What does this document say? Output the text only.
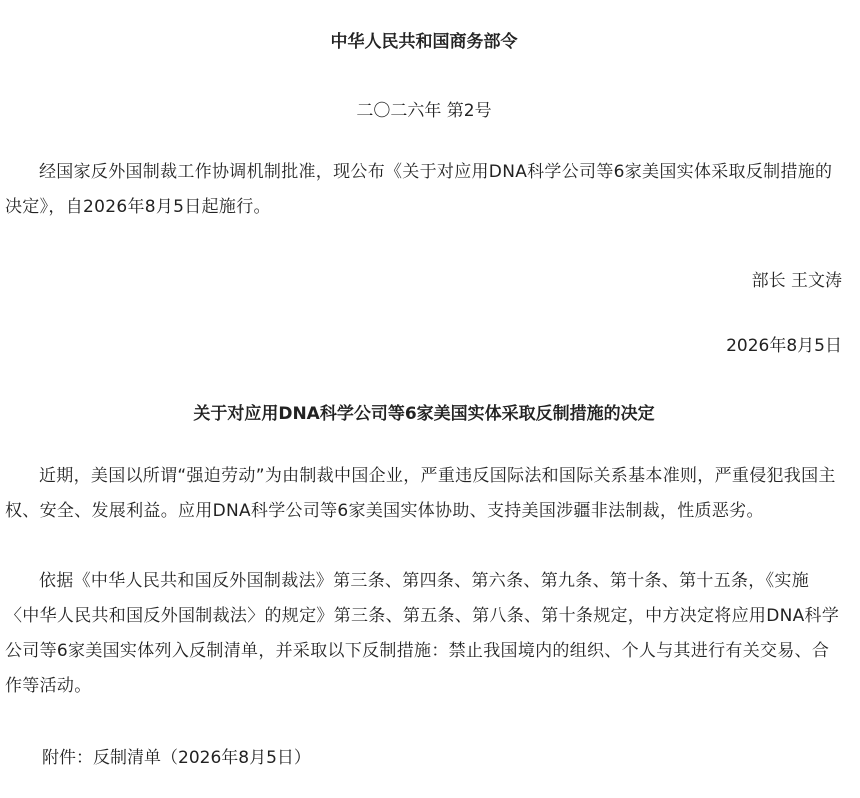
中华人民共和国商务部令
二〇二六年 第2号
经国家反外国制裁工作协调机制批准，现公布《关于对应用DNA科学公司等6家美国实体采取反制措施的决定》，自2026年8月5日起施行。
部长 王文涛
2026年8月5日
关于对应用DNA科学公司等6家美国实体采取反制措施的决定
近期，美国以所谓“强迫劳动”为由制裁中国企业，严重违反国际法和国际关系基本准则，严重侵犯我国主权、安全、发展利益。应用DNA科学公司等6家美国实体协助、支持美国涉疆非法制裁，性质恶劣。
依据《中华人民共和国反外国制裁法》第三条、第四条、第六条、第九条、第十条、第十五条，《实施〈中华人民共和国反外国制裁法〉的规定》第三条、第五条、第八条、第十条规定，中方决定将应用DNA科学公司等6家美国实体列入反制清单，并采取以下反制措施：禁止我国境内的组织、个人与其进行有关交易、合作等活动。
附件：反制清单（2026年8月5日）
